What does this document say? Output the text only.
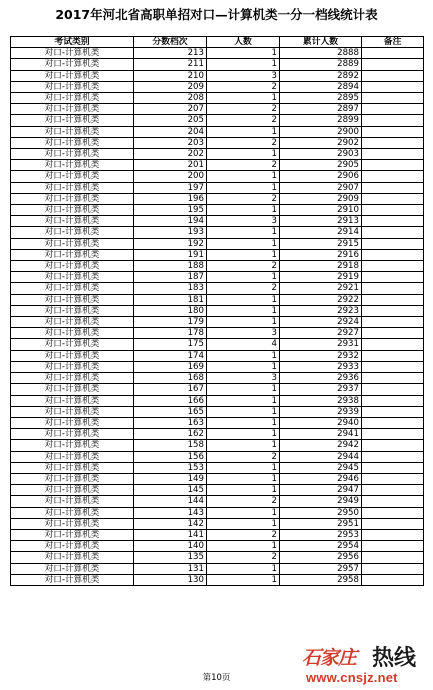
2017年河北省高职单招对口—计算机类一分一档线统计表
考试类别	分数档次	人数	累计人数	备注
对口-计算机类	213	1	2888	
对口-计算机类	211	1	2889	
对口-计算机类	210	3	2892	
对口-计算机类	209	2	2894	
对口-计算机类	208	1	2895	
对口-计算机类	207	2	2897	
对口-计算机类	205	2	2899	
对口-计算机类	204	1	2900	
对口-计算机类	203	2	2902	
对口-计算机类	202	1	2903	
对口-计算机类	201	2	2905	
对口-计算机类	200	1	2906	
对口-计算机类	197	1	2907	
对口-计算机类	196	2	2909	
对口-计算机类	195	1	2910	
对口-计算机类	194	3	2913	
对口-计算机类	193	1	2914	
对口-计算机类	192	1	2915	
对口-计算机类	191	1	2916	
对口-计算机类	188	2	2918	
对口-计算机类	187	1	2919	
对口-计算机类	183	2	2921	
对口-计算机类	181	1	2922	
对口-计算机类	180	1	2923	
对口-计算机类	179	1	2924	
对口-计算机类	178	3	2927	
对口-计算机类	175	4	2931	
对口-计算机类	174	1	2932	
对口-计算机类	169	1	2933	
对口-计算机类	168	3	2936	
对口-计算机类	167	1	2937	
对口-计算机类	166	1	2938	
对口-计算机类	165	1	2939	
对口-计算机类	163	1	2940	
对口-计算机类	162	1	2941	
对口-计算机类	158	1	2942	
对口-计算机类	156	2	2944	
对口-计算机类	153	1	2945	
对口-计算机类	149	1	2946	
对口-计算机类	145	1	2947	
对口-计算机类	144	2	2949	
对口-计算机类	143	1	2950	
对口-计算机类	142	1	2951	
对口-计算机类	141	2	2953	
对口-计算机类	140	1	2954	
对口-计算机类	135	2	2956	
对口-计算机类	131	1	2957	
对口-计算机类	130	1	2958	
第10页
石家庄 热线
www.cnsjz.net
